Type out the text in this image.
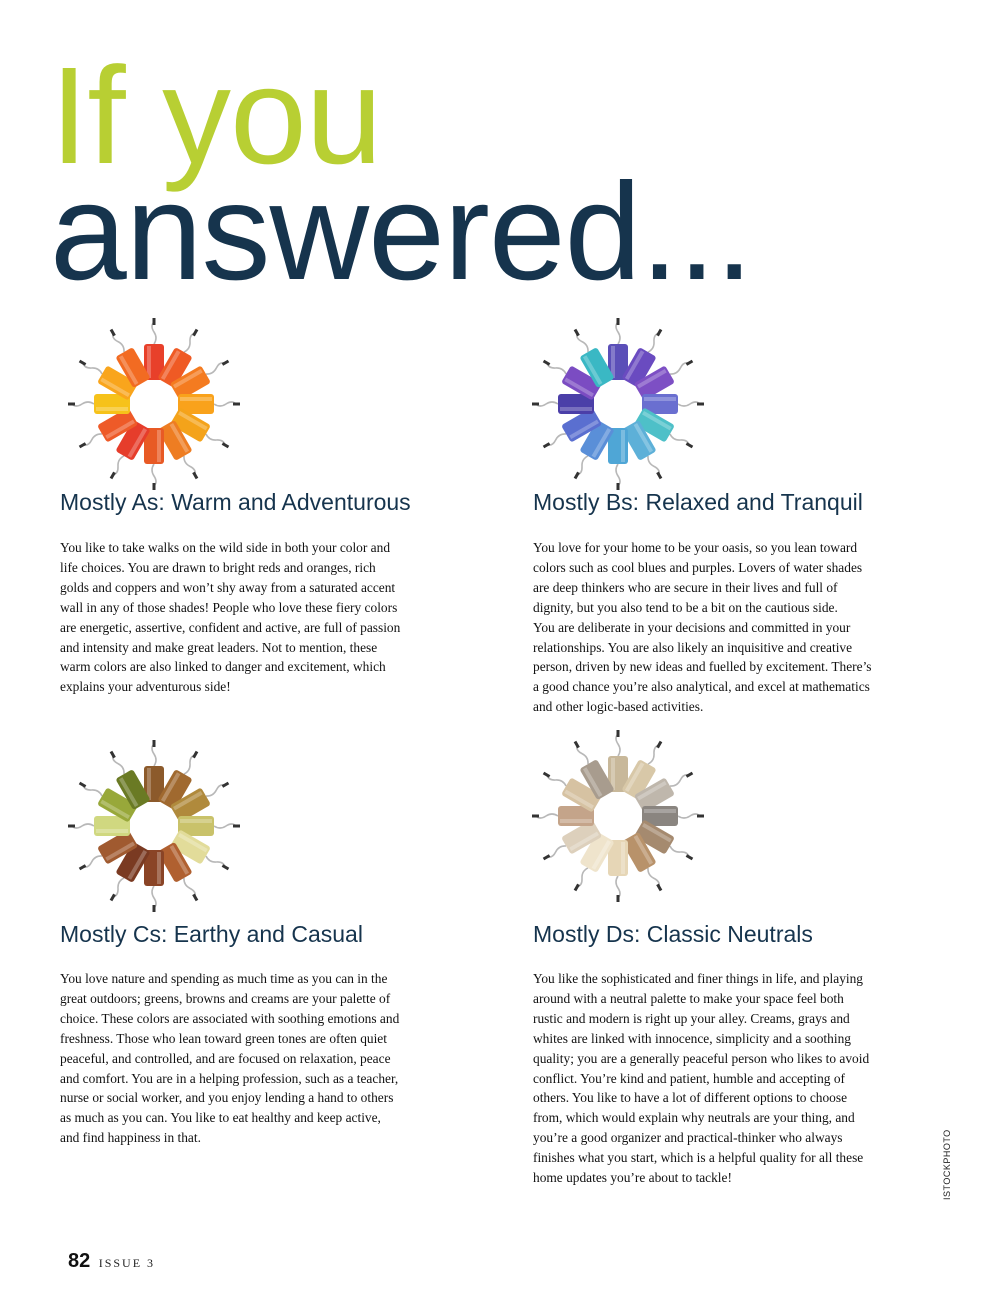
If you
answered...
Mostly As: Warm and Adventurous

You like to take walks on the wild side in both your color and
life choices. You are drawn to bright reds and oranges, rich
golds and coppers and won’t shy away from a saturated accent
wall in any of those shades! People who love these fiery colors
are energetic, assertive, confident and active, are full of passion
and intensity and make great leaders. Not to mention, these
warm colors are also linked to danger and excitement, which
explains your adventurous side!

Mostly Bs: Relaxed and Tranquil

You love for your home to be your oasis, so you lean toward
colors such as cool blues and purples. Lovers of water shades
are deep thinkers who are secure in their lives and full of
dignity, but you also tend to be a bit on the cautious side.
You are deliberate in your decisions and committed in your
relationships. You are also likely an inquisitive and creative
person, driven by new ideas and fuelled by excitement. There’s
a good chance you’re also analytical, and excel at mathematics
and other logic-based activities.

Mostly Cs: Earthy and Casual

You love nature and spending as much time as you can in the
great outdoors; greens, browns and creams are your palette of
choice. These colors are associated with soothing emotions and
freshness. Those who lean toward green tones are often quiet
peaceful, and controlled, and are focused on relaxation, peace
and comfort. You are in a helping profession, such as a teacher,
nurse or social worker, and you enjoy lending a hand to others
as much as you can. You like to eat healthy and keep active,
and find happiness in that.

Mostly Ds: Classic Neutrals

You like the sophisticated and finer things in life, and playing
around with a neutral palette to make your space feel both
rustic and modern is right up your alley. Creams, grays and
whites are linked with innocence, simplicity and a soothing
quality; you are a generally peaceful person who likes to avoid
conflict. You’re kind and patient, humble and accepting of
others. You like to have a lot of different options to choose
from, which would explain why neutrals are your thing, and
you’re a good organizer and practical-thinker who always
finishes what you start, which is a helpful quality for all these
home updates you’re about to tackle!	ISTOCKPHOTO
82 ISSUE 3
